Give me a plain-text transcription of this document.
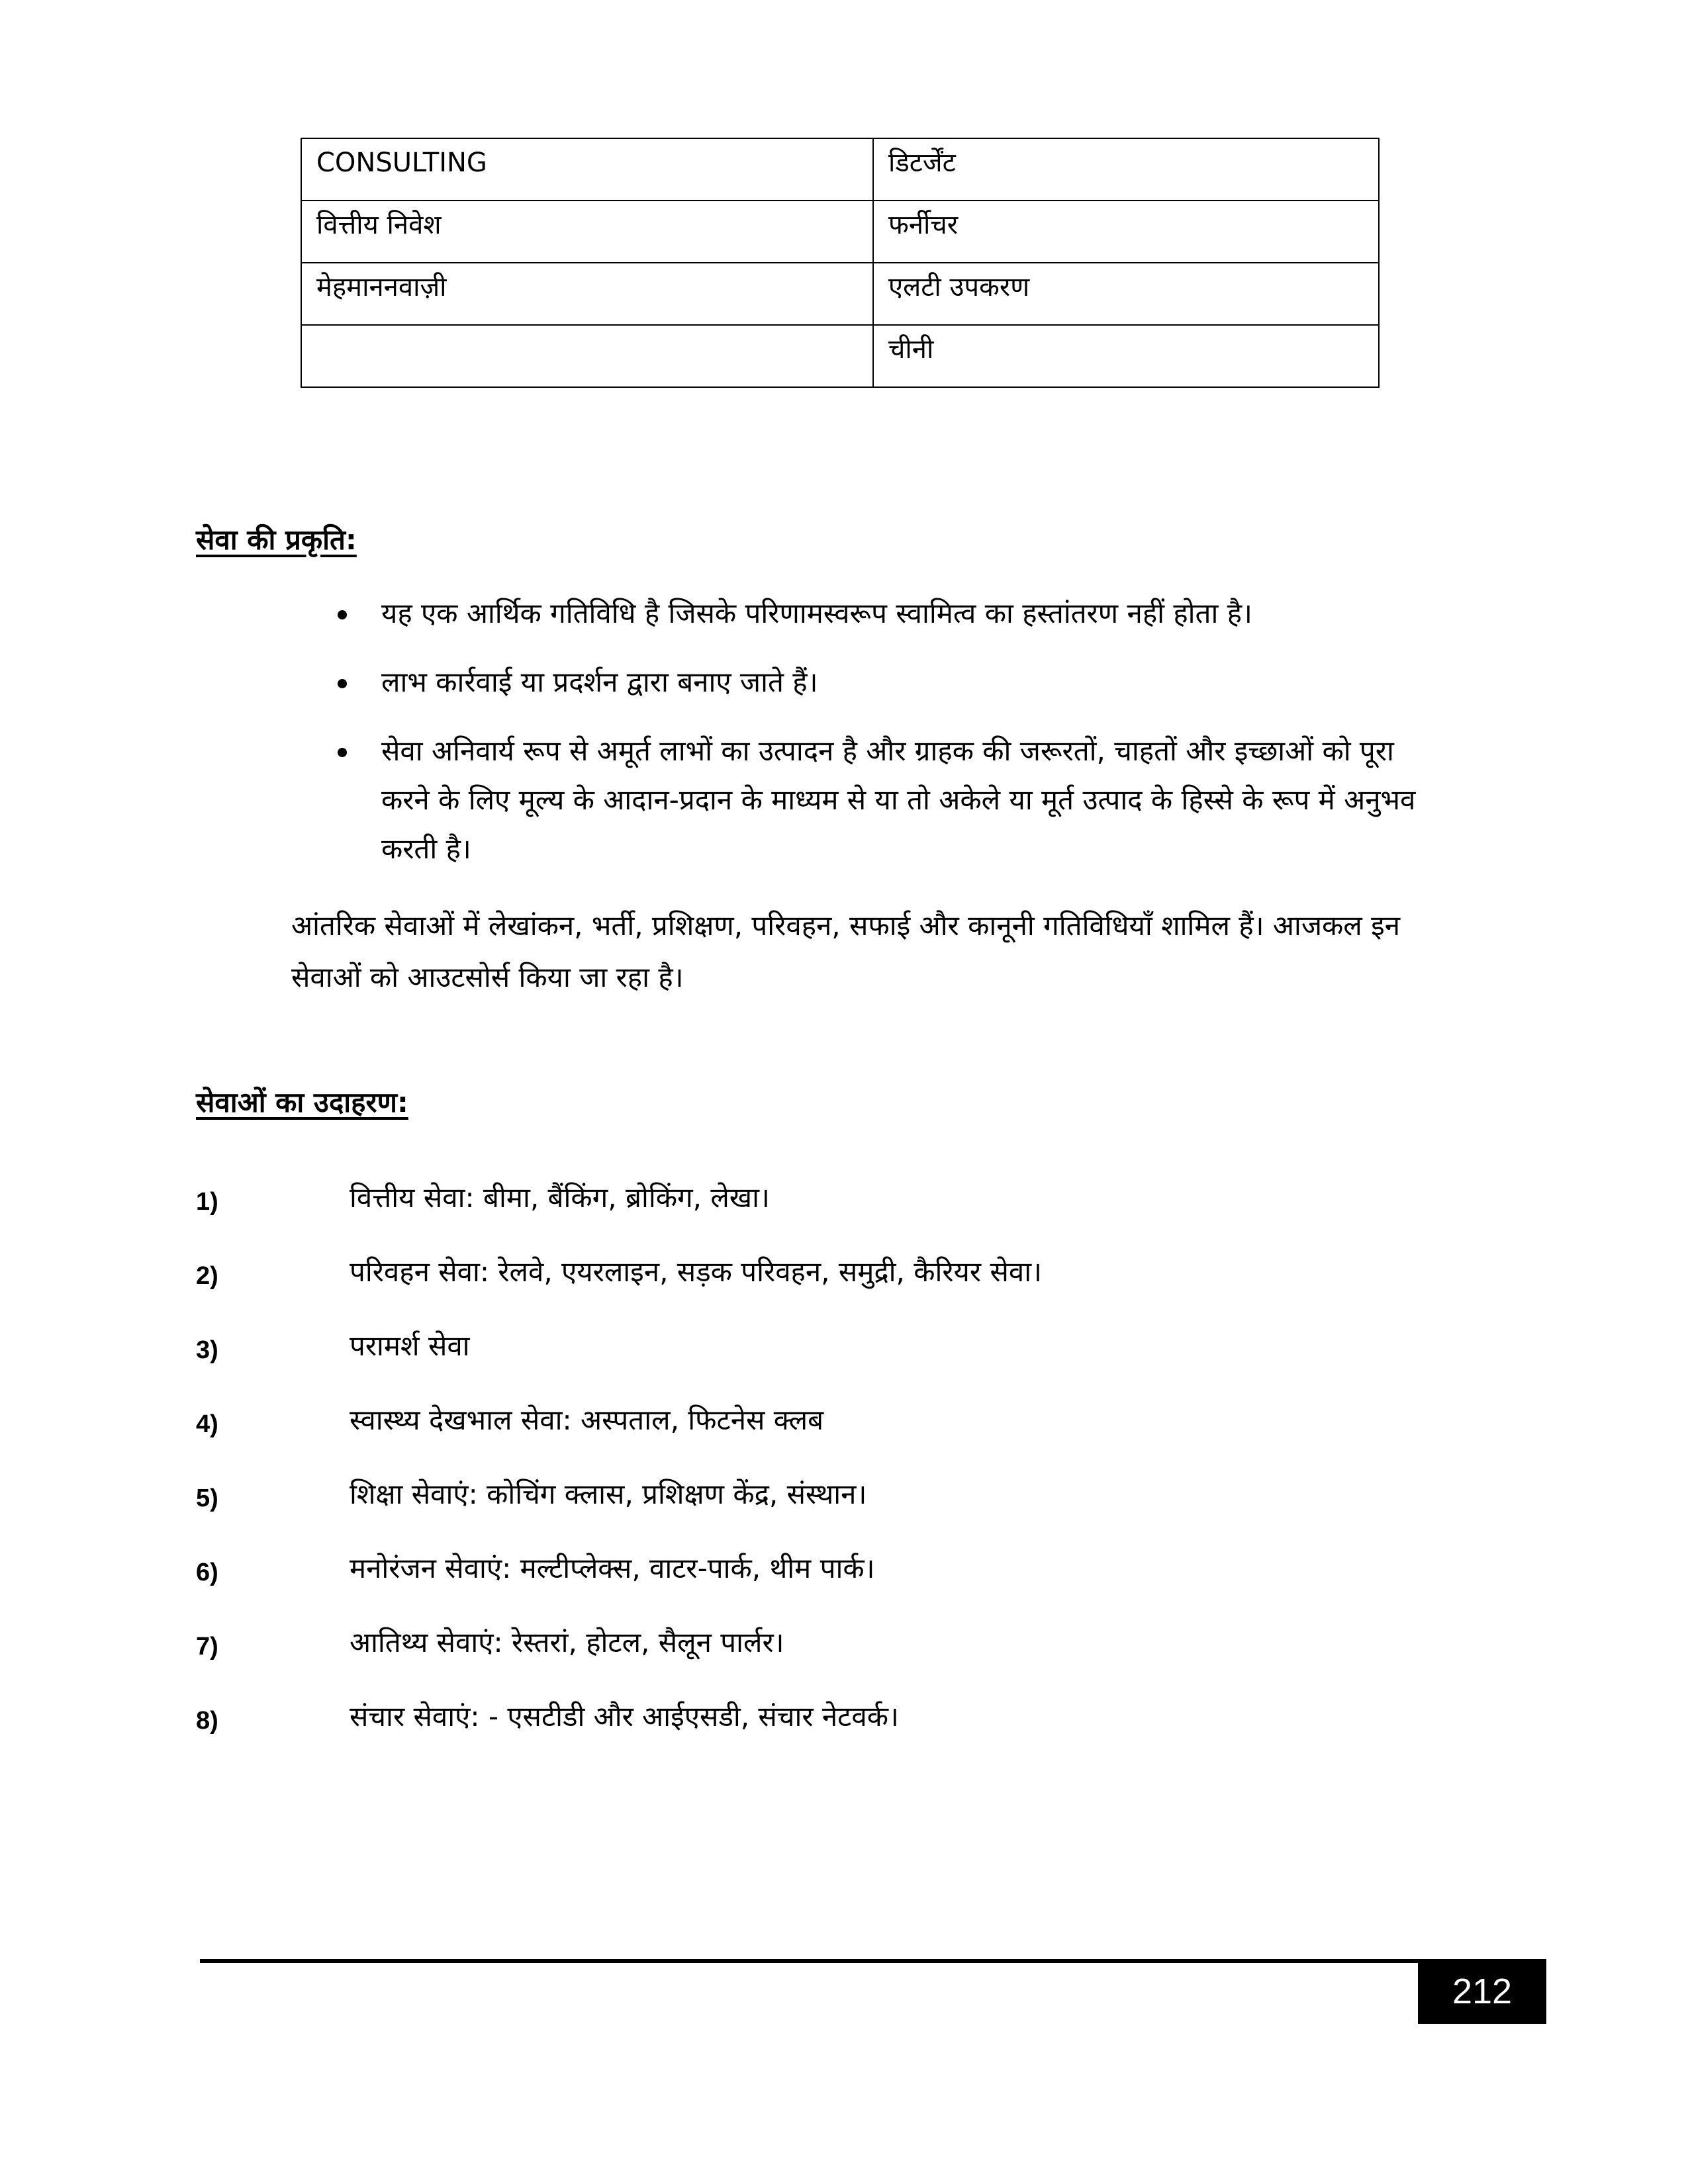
CONSULTING	डिटर्जेंट
वित्तीय निवेश	फर्नीचर
मेहमाननवाज़ी	एलटी उपकरण
	चीनी
सेवा की प्रकृति:
यह एक आर्थिक गतिविधि है जिसके परिणामस्वरूप स्वामित्व का हस्तांतरण नहीं होता है।
लाभ कार्रवाई या प्रदर्शन द्वारा बनाए जाते हैं।
सेवा अनिवार्य रूप से अमूर्त लाभों का उत्पादन है और ग्राहक की जरूरतों, चाहतों और इच्छाओं को पूरा करने के लिए मूल्य के आदान-प्रदान के माध्यम से या तो अकेले या मूर्त उत्पाद के हिस्से के रूप में अनुभव करती है।

आंतरिक सेवाओं में लेखांकन, भर्ती, प्रशिक्षण, परिवहन, सफाई और कानूनी गतिविधियाँ शामिल हैं। आजकल इन सेवाओं को आउटसोर्स किया जा रहा है।

सेवाओं का उदाहरण:
1)	वित्तीय सेवा: बीमा, बैंकिंग, ब्रोकिंग, लेखा।
2)	परिवहन सेवा: रेलवे, एयरलाइन, सड़क परिवहन, समुद्री, कैरियर सेवा।
3)	परामर्श सेवा
4)	स्वास्थ्य देखभाल सेवा: अस्पताल, फिटनेस क्लब
5)	शिक्षा सेवाएं: कोचिंग क्लास, प्रशिक्षण केंद्र, संस्थान।
6)	मनोरंजन सेवाएं: मल्टीप्लेक्स, वाटर-पार्क, थीम पार्क।
7)	आतिथ्य सेवाएं: रेस्तरां, होटल, सैलून पार्लर।
8)	संचार सेवाएं: - एसटीडी और आईएसडी, संचार नेटवर्क।
212
